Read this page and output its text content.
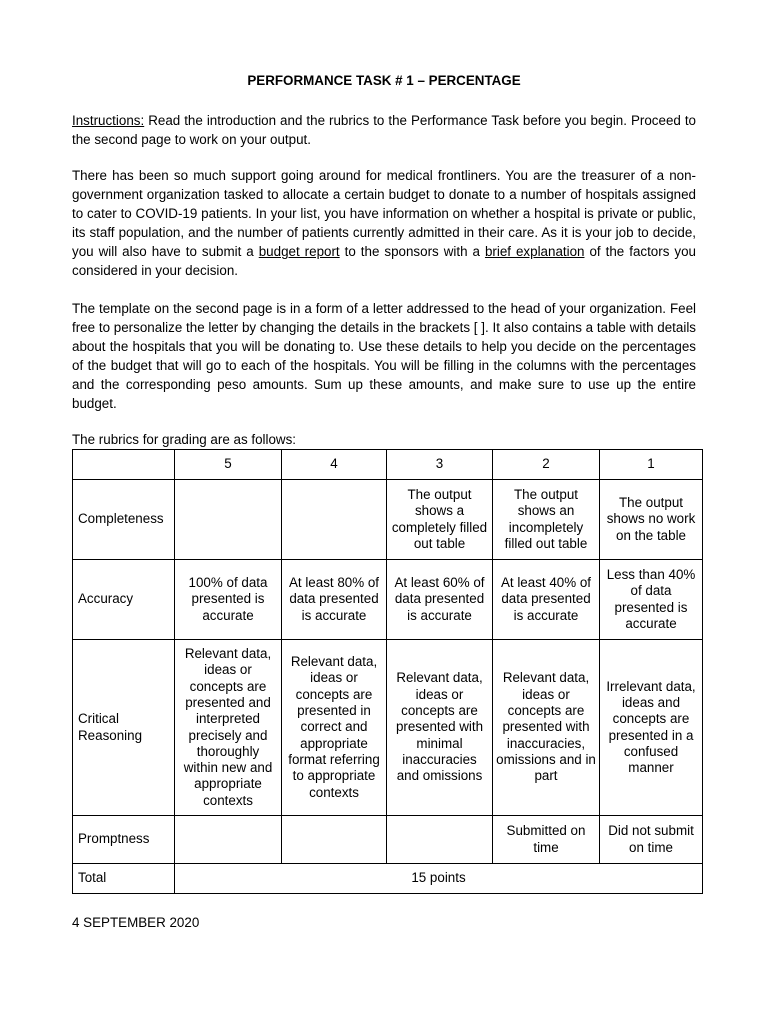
PERFORMANCE TASK # 1 – PERCENTAGE
Instructions: Read the introduction and the rubrics to the Performance Task before you begin. Proceed to the second page to work on your output.
There has been so much support going around for medical frontliners. You are the treasurer of a non-government organization tasked to allocate a certain budget to donate to a number of hospitals assigned to cater to COVID-19 patients. In your list, you have information on whether a hospital is private or public, its staff population, and the number of patients currently admitted in their care. As it is your job to decide, you will also have to submit a budget report to the sponsors with a brief explanation of the factors you considered in your decision.
The template on the second page is in a form of a letter addressed to the head of your organization. Feel free to personalize the letter by changing the details in the brackets [ ]. It also contains a table with details about the hospitals that you will be donating to. Use these details to help you decide on the percentages of the budget that will go to each of the hospitals. You will be filling in the columns with the percentages and the corresponding peso amounts. Sum up these amounts, and make sure to use up the entire budget.
The rubrics for grading are as follows:
	5	4	3	2	1
Completeness			The output shows a completely filled out table	The output shows an incompletely filled out table	The output shows no work on the table
Accuracy	100% of data presented is accurate	At least 80% of data presented is accurate	At least 60% of data presented is accurate	At least 40% of data presented is accurate	Less than 40% of data presented is accurate
Critical Reasoning	Relevant data, ideas or concepts are presented and interpreted precisely and thoroughly within new and appropriate contexts	Relevant data, ideas or concepts are presented in correct and appropriate format referring to appropriate contexts	Relevant data, ideas or concepts are presented with minimal inaccuracies and omissions	Relevant data, ideas or concepts are presented with inaccuracies, omissions and in part	Irrelevant data, ideas and concepts are presented in a confused manner
Promptness				Submitted on time	Did not submit on time
Total	15 points				
4 SEPTEMBER 2020
